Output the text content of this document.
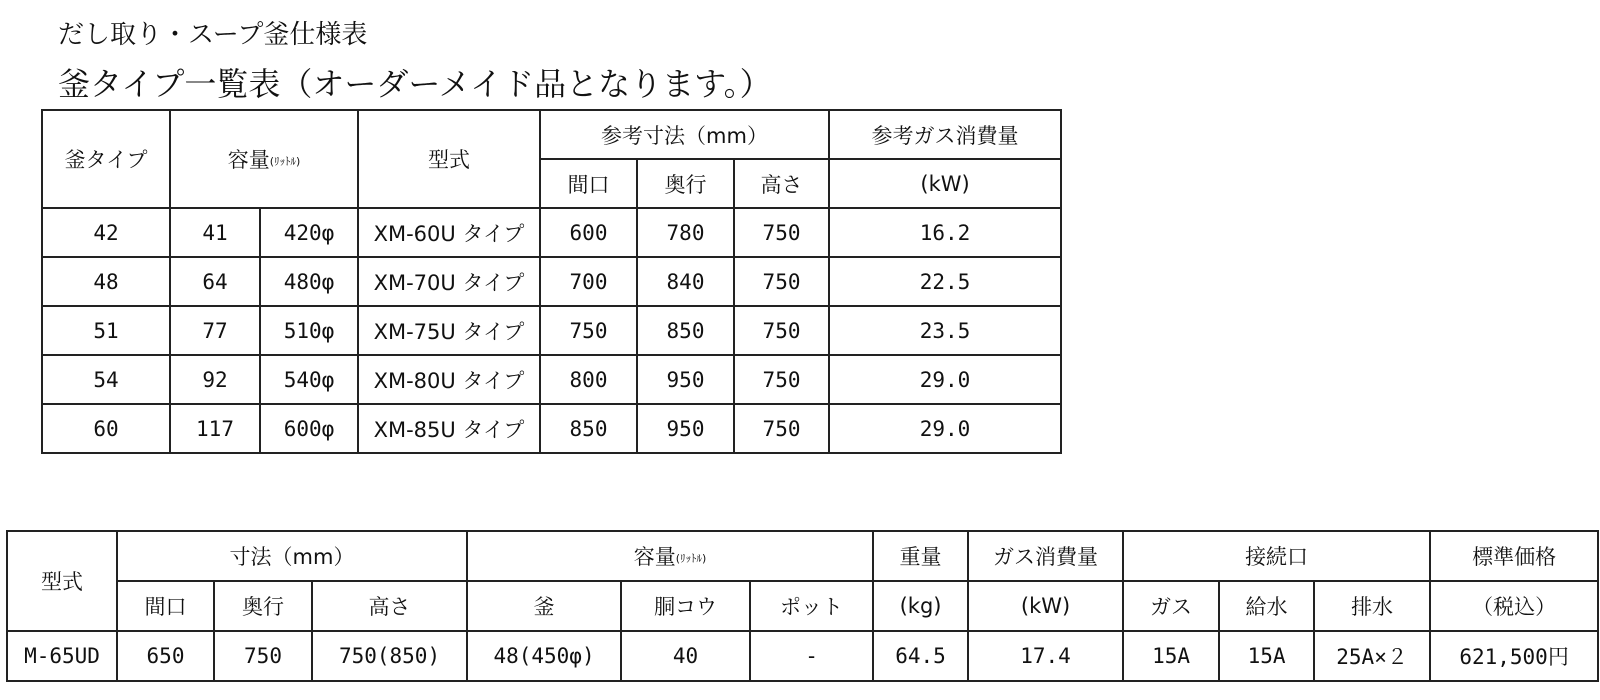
だし取り・スープ釜仕様表
釜タイプ一覧表（オーダーメイド品となります。）
釜タイプ	容量(ﾘｯﾄﾙ)		型式	参考寸法（mm）			参考ガス消費量
				間口	奥行	高さ	(kW)
42	41	420φ	XM-60U タイプ	600	780	750	16.2
48	64	480φ	XM-70U タイプ	700	840	750	22.5
51	77	510φ	XM-75U タイプ	750	850	750	23.5
54	92	540φ	XM-80U タイプ	800	950	750	29.0
60	117	600φ	XM-85U タイプ	850	950	750	29.0
型式	寸法（mm）			容量(ﾘｯﾄﾙ)			重量	ガス消費量	接続口			標準価格
	間口	奥行	高さ	釜	胴コウ	ポット	(kg)	(kW)	ガス	給水	排水	（税込）
M-65UD	650	750	750(850)	48(450φ)	40	-	64.5	17.4	15A	15A	25A×２	621,500円
